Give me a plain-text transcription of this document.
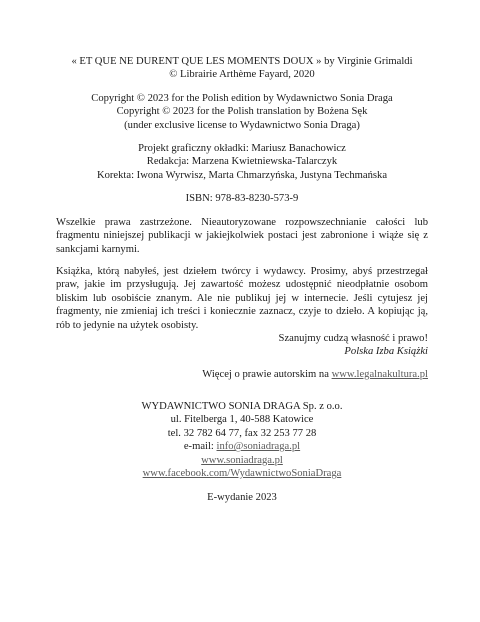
« ET QUE NE DURENT QUE LES MOMENTS DOUX » by Virginie Grimaldi
© Librairie Arthème Fayard, 2020
Copyright © 2023 for the Polish edition by Wydawnictwo Sonia Draga
Copyright © 2023 for the Polish translation by Bożena Sęk
(under exclusive license to Wydawnictwo Sonia Draga)
Projekt graficzny okładki: Mariusz Banachowicz
Redakcja: Marzena Kwietniewska-Talarczyk
Korekta: Iwona Wyrwisz, Marta Chmarzyńska, Justyna Techmańska
ISBN: 978-83-8230-573-9
Wszelkie prawa zastrzeżone. Nieautoryzowane rozpowszechnianie całości lub fragmentu niniejszej publikacji w jakiejkolwiek postaci jest zabronione i wiąże się z sankcjami karnymi.
Książka, którą nabyłeś, jest dziełem twórcy i wydawcy. Prosimy, abyś przestrzegał praw, jakie im przysługują. Jej zawartość możesz udostępnić nieodpłatnie osobom bliskim lub osobiście znanym. Ale nie publikuj jej w internecie. Jeśli cytujesz jej fragmenty, nie zmieniaj ich treści i koniecznie zaznacz, czyje to dzieło. A kopiując ją, rób to jedynie na użytek osobisty.
Szanujmy cudzą własność i prawo!
Polska Izba Książki
Więcej o prawie autorskim na www.legalnakultura.pl
WYDAWNICTWO SONIA DRAGA Sp. z o.o.
ul. Fitelberga 1, 40-588 Katowice
tel. 32 782 64 77, fax 32 253 77 28
e-mail: info@soniadraga.pl
www.soniadraga.pl
www.facebook.com/WydawnictwoSoniaDraga
E-wydanie 2023
